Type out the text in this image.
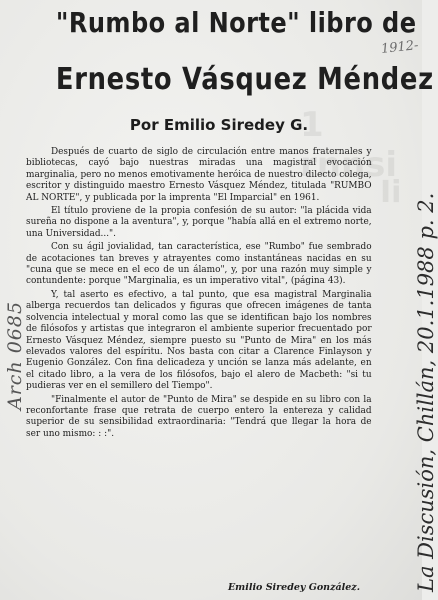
1 rnnsi
Ii
1912-
"Rumbo al Norte" libro de
Ernesto Vásquez Méndez
Por Emilio Siredey G.

Después de cuarto de siglo de circulación entre manos fraternales y bibliotecas, cayó bajo nuestras miradas una magistral evocación marginalia, pero no menos emotivamente heróica de nuestro dilecto colega, escritor y distinguido maestro Ernesto Vásquez Méndez, titulada "RUMBO AL NORTE", y publicada por la imprenta "El Imparcial" en 1961.

El título proviene de la propia confesión de su autor: "la plácida vida sureña no dispone a la aventura", y, porque "había allá en el extremo norte, una Universidad...".

Con su ágil jovialidad, tan característica, ese "Rumbo" fue sembrado de acotaciones tan breves y atrayentes como instantáneas nacidas en su "cuna que se mece en el eco de un álamo", y, por una razón muy simple y contundente: porque "Marginalia, es un imperativo vital", (página 43).

Y, tal aserto es efectivo, a tal punto, que esa magistral Marginalia alberga recuerdos tan delicados y figuras que ofrecen imágenes de tanta solvencia intelectual y moral como las que se identifican bajo los nombres de filósofos y artistas que integraron el ambiente superior frecuentado por Ernesto Vásquez Méndez, siempre puesto su "Punto de Mira" en los más elevados valores del espíritu. Nos basta con citar a Clarence Finlayson y Eugenio González. Con fina delicadeza y unción se lanza más adelante, en el citado libro, a la vera de los filósofos, bajo el alero de Macbeth: "si tu pudieras ver en el semillero del Tiempo".

"Finalmente el autor de "Punto de Mira" se despide en su libro con la reconfortante frase que retrata de cuerpo entero la entereza y calidad superior de su sensibilidad extraordinaria: "Tendrá que llegar la hora de ser uno mismo: : :".

Emilio Siredey González.
Arch 0685	La Discusión, Chillán, 20.1.1988 p. 2.
